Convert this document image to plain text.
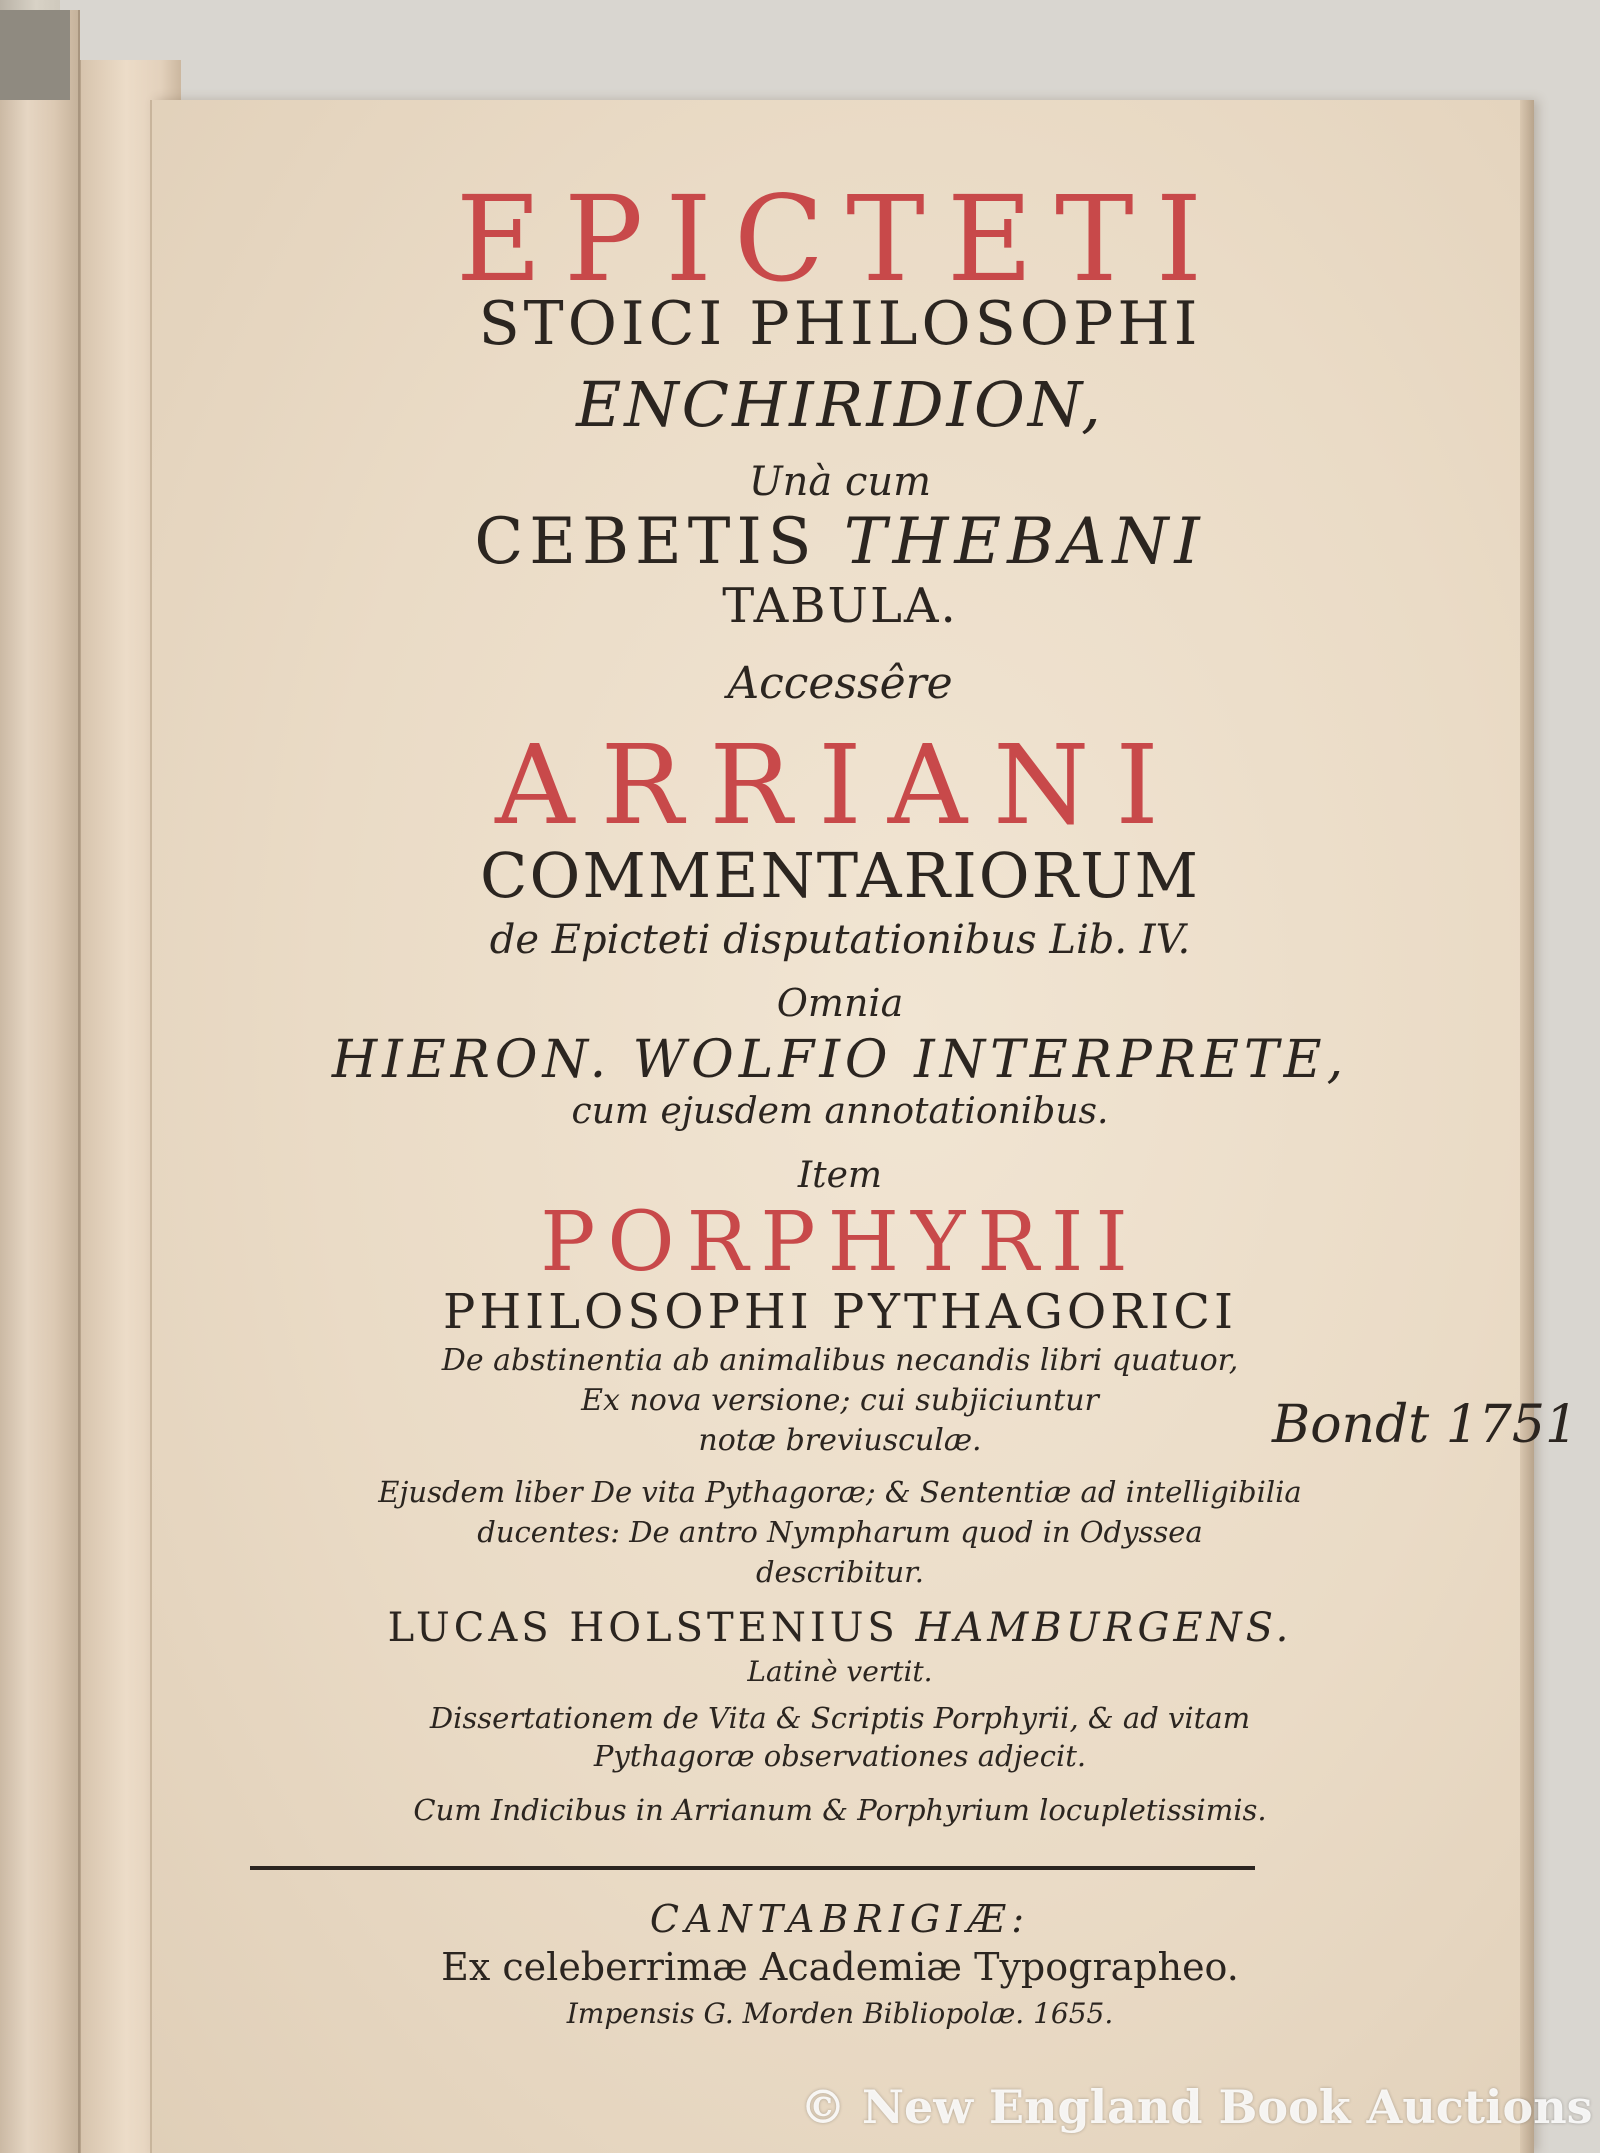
EPICTETI
STOICI PHILOSOPHI
ENCHIRIDION,
Unà cum
CEBETIS THEBANI
TABULA.
Accessêre
ARRIANI
COMMENTARIORUM
de Epicteti disputationibus Lib. IV.
Omnia
HIERON. WOLFIO INTERPRETE,
cum ejusdem annotationibus.
Item
PORPHYRII
PHILOSOPHI PYTHAGORICI
De abstinentia ab animalibus necandis libri quatuor,
Ex nova versione; cui subjiciuntur
notæ breviusculæ.
Ejusdem liber De vita Pythagoræ; & Sententiæ ad intelligibilia
ducentes: De antro Nympharum quod in Odyssea
describitur.
LUCAS HOLSTENIUS HAMBURGENS.
Latinè vertit.
Dissertationem de Vita & Scriptis Porphyrii, & ad vitam
Pythagoræ observationes adjecit.
Cum Indicibus in Arrianum & Porphyrium locupletissimis.
CANTABRIGIÆ:
Ex celeberrimæ Academiæ Typographeo.
Impensis G. Morden Bibliopolæ. 1655.
Bondt 1751
© New England Book Auctions
